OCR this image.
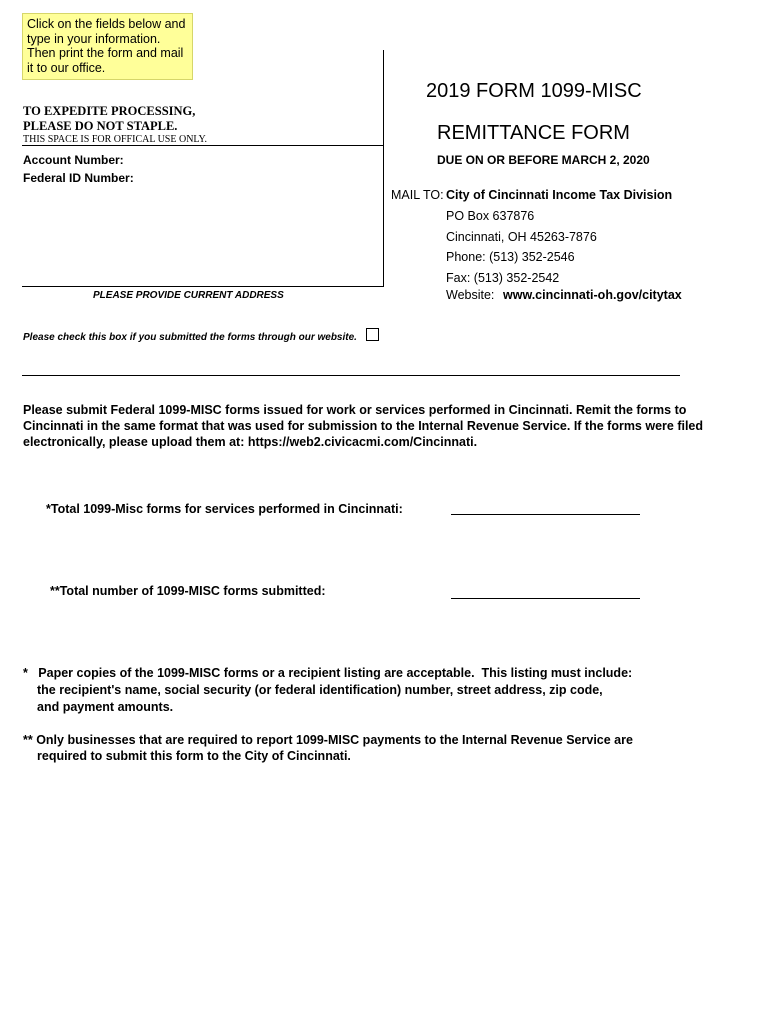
Click on the fields below and type in your information. Then print the form and mail it to our office.
TO EXPEDITE PROCESSING,
PLEASE DO NOT STAPLE.
THIS SPACE IS FOR OFFICAL USE ONLY.
Account Number:
Federal ID Number:
PLEASE PROVIDE CURRENT ADDRESS
2019 FORM 1099-MISC
REMITTANCE FORM
DUE ON OR BEFORE MARCH 2, 2020
MAIL TO: City of Cincinnati Income Tax Division
PO Box 637876
Cincinnati, OH 45263-7876
Phone: (513) 352-2546
Fax: (513) 352-2542
Website: www.cincinnati-oh.gov/citytax
Please check this box if you submitted the forms through our website.
Please submit Federal 1099-MISC forms issued for work or services performed in Cincinnati. Remit the forms to
Cincinnati in the same format that was used for submission to the Internal Revenue Service. If the forms were filed
electronically, please upload them at: https://web2.civicacmi.com/Cincinnati.
*Total 1099-Misc forms for services performed in Cincinnati:
**Total number of 1099-MISC forms submitted:
*   Paper copies of the 1099-MISC forms or a recipient listing are acceptable.  This listing must include:
the recipient's name, social security (or federal identification) number, street address, zip code,
and payment amounts.
** Only businesses that are required to report 1099-MISC payments to the Internal Revenue Service are
required to submit this form to the City of Cincinnati.
